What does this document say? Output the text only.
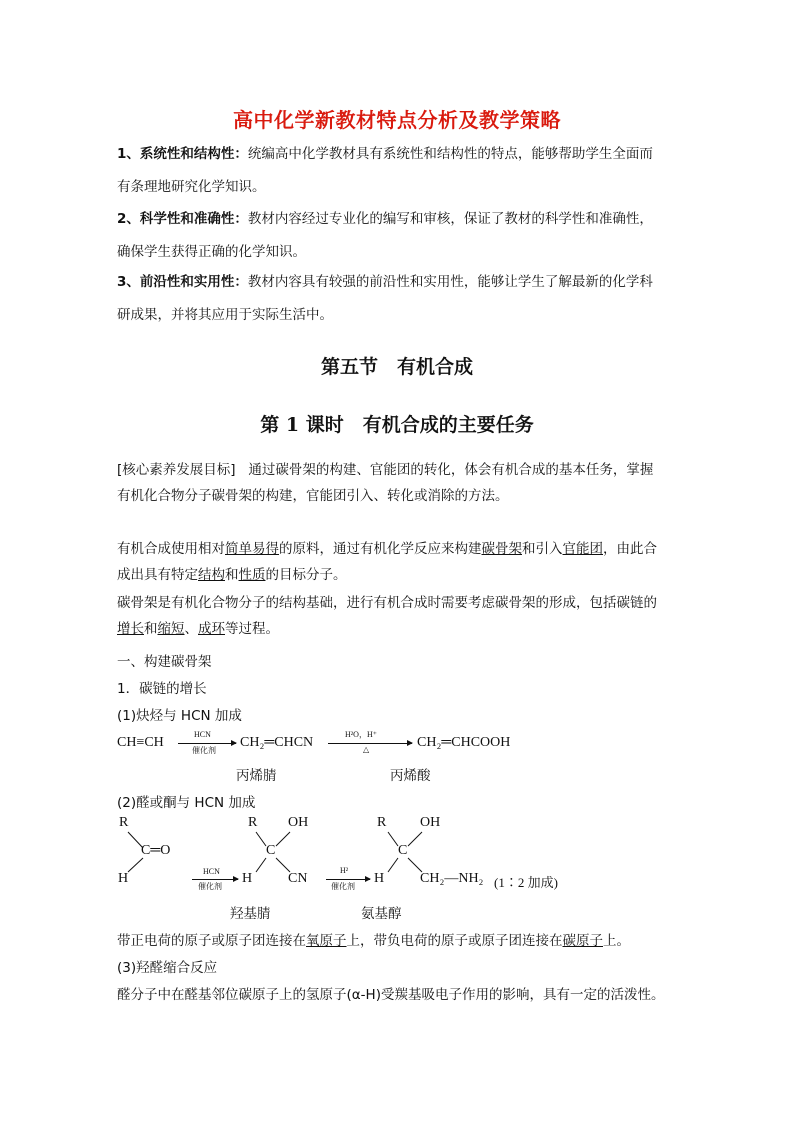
高中化学新教材特点分析及教学策略
1、系统性和结构性：统编高中化学教材具有系统性和结构性的特点，能够帮助学生全面而
有条理地研究化学知识。
2、科学性和准确性：教材内容经过专业化的编写和审核，保证了教材的科学性和准确性，
确保学生获得正确的化学知识。
3、前沿性和实用性：教材内容具有较强的前沿性和实用性，能够让学生了解最新的化学科
研成果，并将其应用于实际生活中。
第五节　有机合成
第 1 课时　有机合成的主要任务
[核心素养发展目标] 通过碳骨架的构建、官能团的转化，体会有机合成的基本任务，掌握
有机化合物分子碳骨架的构建，官能团引入、转化或消除的方法。
有机合成使用相对简单易得的原料，通过有机化学反应来构建碳骨架和引入官能团，由此合
成出具有特定结构和性质的目标分子。
碳骨架是有机化合物分子的结构基础，进行有机合成时需要考虑碳骨架的形成，包括碳链的
增长和缩短、成环等过程。
一、构建碳骨架
1．碳链的增长
(1)炔烃与 HCN 加成
CH≡CH
HCN
催化剂
CH₂═CHCN
H²O，H⁺
△	CH₂═CHCOOH
丙烯腈	丙烯酸
(2)醛或酮与 HCN 加成
R
C═O
H	HCN
催化剂
R OH
C
H	CN
H²
催化剂
R OH
C
H	CH₂—NH₂ (1∶2 加成)
羟基腈	氨基醇
带正电荷的原子或原子团连接在氧原子上，带负电荷的原子或原子团连接在碳原子上。
(3)羟醛缩合反应
醛分子中在醛基邻位碳原子上的氢原子(α-H)受羰基吸电子作用的影响，具有一定的活泼性。
